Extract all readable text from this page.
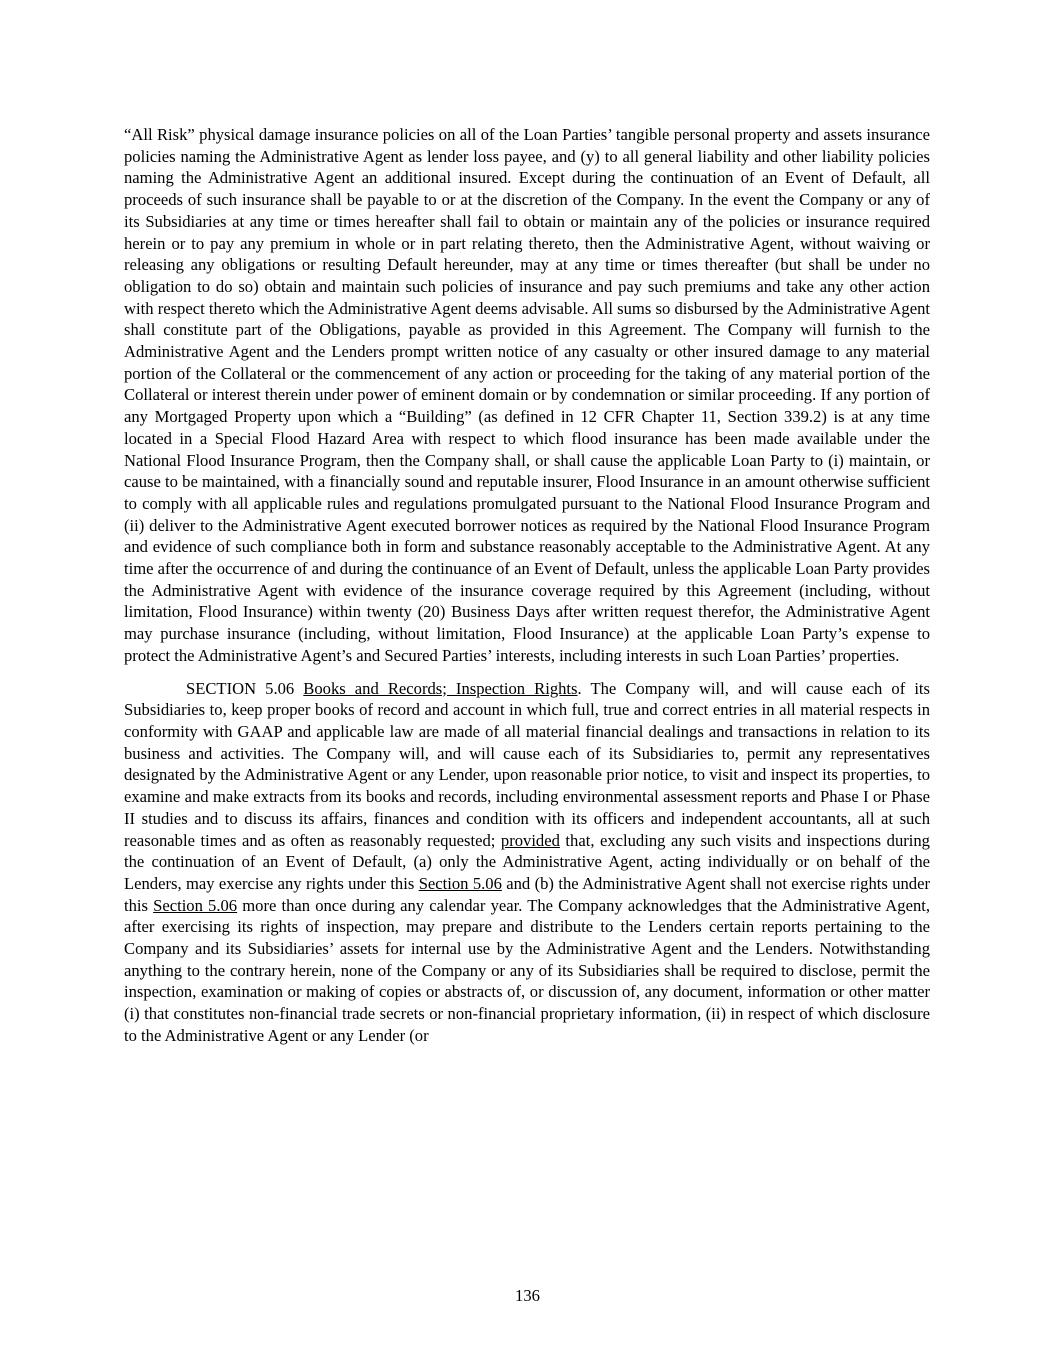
“All Risk” physical damage insurance policies on all of the Loan Parties’ tangible personal property and assets insurance policies naming the Administrative Agent as lender loss payee, and (y) to all general liability and other liability policies naming the Administrative Agent an additional insured. Except during the continuation of an Event of Default, all proceeds of such insurance shall be payable to or at the discretion of the Company. In the event the Company or any of its Subsidiaries at any time or times hereafter shall fail to obtain or maintain any of the policies or insurance required herein or to pay any premium in whole or in part relating thereto, then the Administrative Agent, without waiving or releasing any obligations or resulting Default hereunder, may at any time or times thereafter (but shall be under no obligation to do so) obtain and maintain such policies of insurance and pay such premiums and take any other action with respect thereto which the Administrative Agent deems advisable. All sums so disbursed by the Administrative Agent shall constitute part of the Obligations, payable as provided in this Agreement. The Company will furnish to the Administrative Agent and the Lenders prompt written notice of any casualty or other insured damage to any material portion of the Collateral or the commencement of any action or proceeding for the taking of any material portion of the Collateral or interest therein under power of eminent domain or by condemnation or similar proceeding. If any portion of any Mortgaged Property upon which a “Building” (as defined in 12 CFR Chapter 11, Section 339.2) is at any time located in a Special Flood Hazard Area with respect to which flood insurance has been made available under the National Flood Insurance Program, then the Company shall, or shall cause the applicable Loan Party to (i) maintain, or cause to be maintained, with a financially sound and reputable insurer, Flood Insurance in an amount otherwise sufficient to comply with all applicable rules and regulations promulgated pursuant to the National Flood Insurance Program and (ii) deliver to the Administrative Agent executed borrower notices as required by the National Flood Insurance Program and evidence of such compliance both in form and substance reasonably acceptable to the Administrative Agent. At any time after the occurrence of and during the continuance of an Event of Default, unless the applicable Loan Party provides the Administrative Agent with evidence of the insurance coverage required by this Agreement (including, without limitation, Flood Insurance) within twenty (20) Business Days after written request therefor, the Administrative Agent may purchase insurance (including, without limitation, Flood Insurance) at the applicable Loan Party’s expense to protect the Administrative Agent’s and Secured Parties’ interests, including interests in such Loan Parties’ properties.

SECTION 5.06 Books and Records; Inspection Rights. The Company will, and will cause each of its Subsidiaries to, keep proper books of record and account in which full, true and correct entries in all material respects in conformity with GAAP and applicable law are made of all material financial dealings and transactions in relation to its business and activities. The Company will, and will cause each of its Subsidiaries to, permit any representatives designated by the Administrative Agent or any Lender, upon reasonable prior notice, to visit and inspect its properties, to examine and make extracts from its books and records, including environmental assessment reports and Phase I or Phase II studies and to discuss its affairs, finances and condition with its officers and independent accountants, all at such reasonable times and as often as reasonably requested; provided that, excluding any such visits and inspections during the continuation of an Event of Default, (a) only the Administrative Agent, acting individually or on behalf of the Lenders, may exercise any rights under this Section 5.06 and (b) the Administrative Agent shall not exercise rights under this Section 5.06 more than once during any calendar year. The Company acknowledges that the Administrative Agent, after exercising its rights of inspection, may prepare and distribute to the Lenders certain reports pertaining to the Company and its Subsidiaries’ assets for internal use by the Administrative Agent and the Lenders. Notwithstanding anything to the contrary herein, none of the Company or any of its Subsidiaries shall be required to disclose, permit the inspection, examination or making of copies or abstracts of, or discussion of, any document, information or other matter (i) that constitutes non-financial trade secrets or non-financial proprietary information, (ii) in respect of which disclosure to the Administrative Agent or any Lender (or

136
